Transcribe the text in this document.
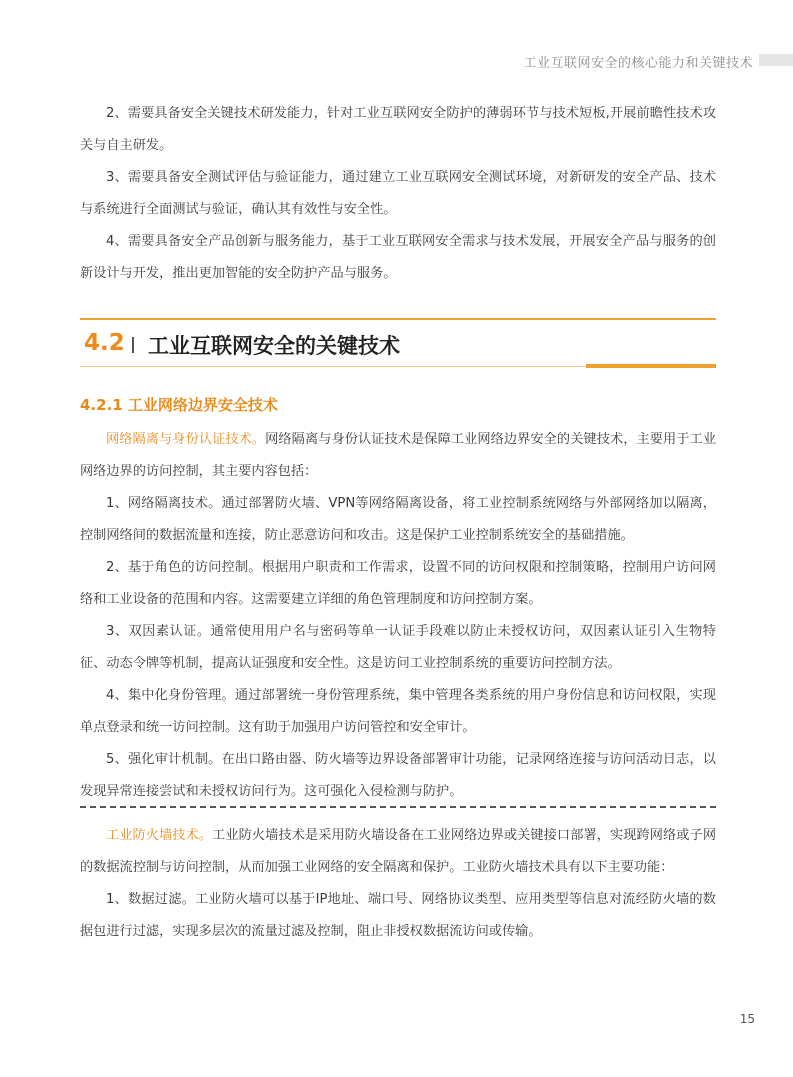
工业互联网安全的核心能力和关键技术

2、需要具备安全关键技术研发能力，针对工业互联网安全防护的薄弱环节与技术短板,开展前瞻性技术攻关与自主研发。

3、需要具备安全测试评估与验证能力，通过建立工业互联网安全测试环境，对新研发的安全产品、技术与系统进行全面测试与验证，确认其有效性与安全性。

4、需要具备安全产品创新与服务能力，基于工业互联网安全需求与技术发展，开展安全产品与服务的创新设计与开发，推出更加智能的安全防护产品与服务。

4.2 工业互联网安全的关键技术
4.2.1 工业网络边界安全技术

网络隔离与身份认证技术。网络隔离与身份认证技术是保障工业网络边界安全的关键技术，主要用于工业网络边界的访问控制，其主要内容包括：

1、网络隔离技术。通过部署防火墙、VPN等网络隔离设备，将工业控制系统网络与外部网络加以隔离，控制网络间的数据流量和连接，防止恶意访问和攻击。这是保护工业控制系统安全的基础措施。

2、基于角色的访问控制。根据用户职责和工作需求，设置不同的访问权限和控制策略，控制用户访问网络和工业设备的范围和内容。这需要建立详细的角色管理制度和访问控制方案。

3、双因素认证。通常使用用户名与密码等单一认证手段难以防止未授权访问，双因素认证引入生物特征、动态令牌等机制，提高认证强度和安全性。这是访问工业控制系统的重要访问控制方法。

4、集中化身份管理。通过部署统一身份管理系统，集中管理各类系统的用户身份信息和访问权限，实现单点登录和统一访问控制。这有助于加强用户访问管控和安全审计。

5、强化审计机制。在出口路由器、防火墙等边界设备部署审计功能，记录网络连接与访问活动日志，以发现异常连接尝试和未授权访问行为。这可强化入侵检测与防护。

工业防火墙技术。工业防火墙技术是采用防火墙设备在工业网络边界或关键接口部署，实现跨网络或子网的数据流控制与访问控制，从而加强工业网络的安全隔离和保护。工业防火墙技术具有以下主要功能：

1、数据过滤。工业防火墙可以基于IP地址、端口号、网络协议类型、应用类型等信息对流经防火墙的数据包进行过滤，实现多层次的流量过滤及控制，阻止非授权数据流访问或传输。

15
